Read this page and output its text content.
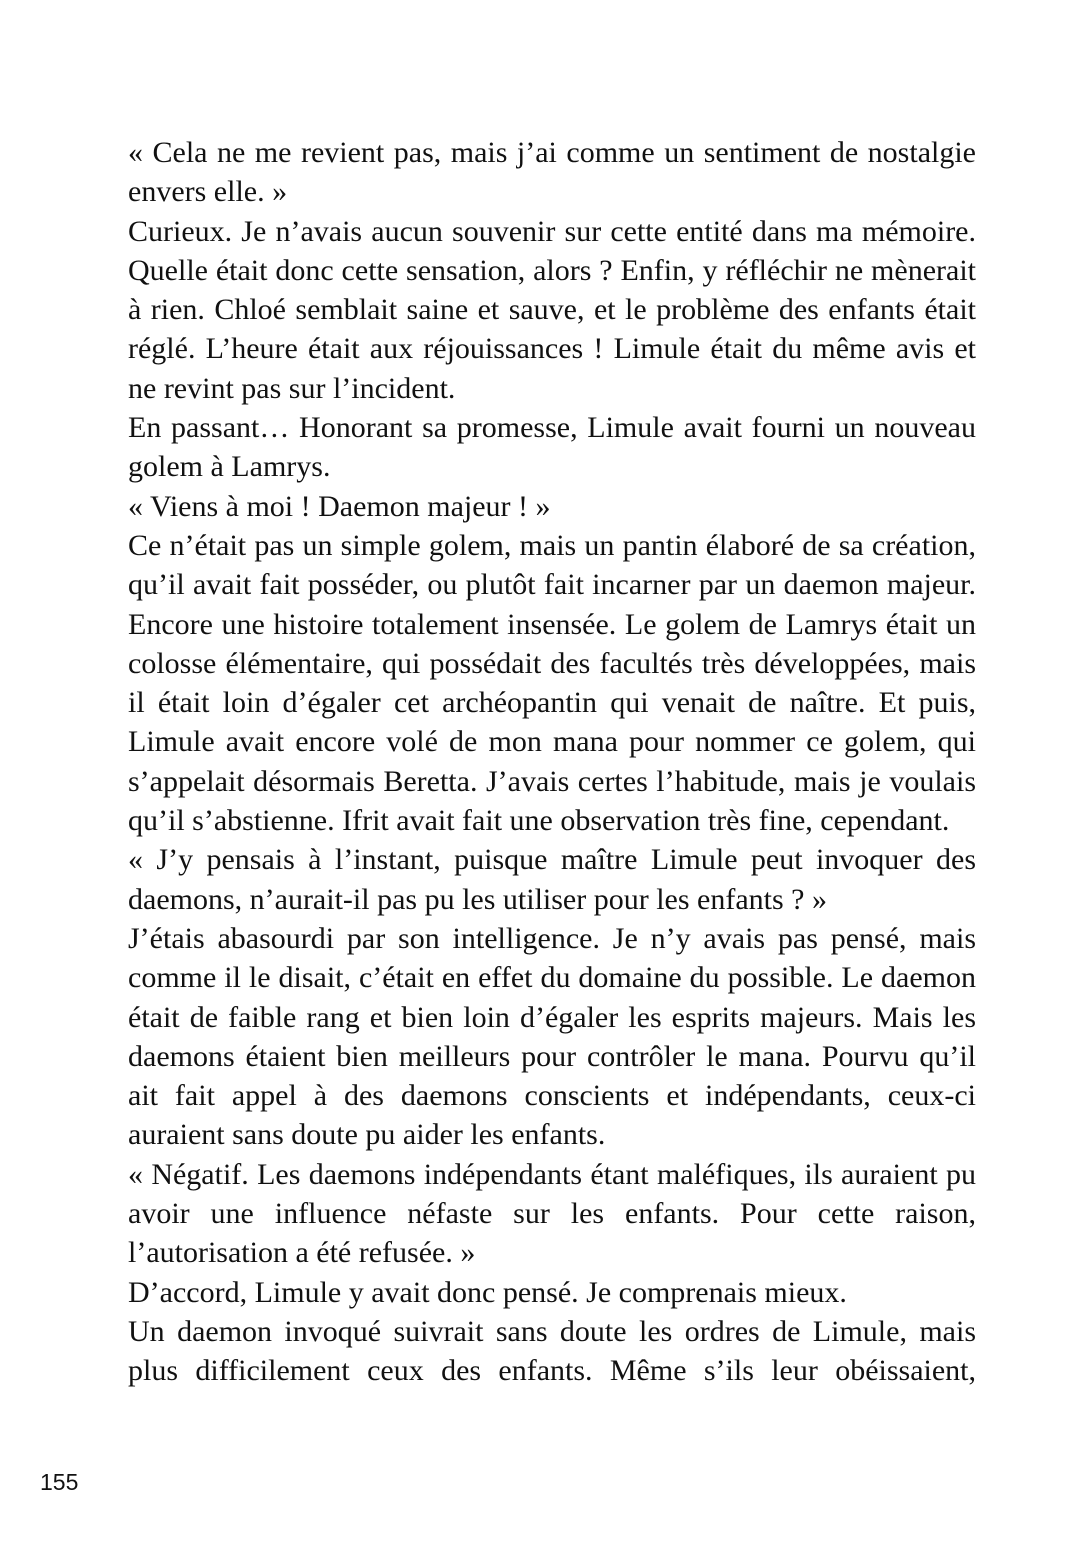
« Cela ne me revient pas, mais j’ai comme un sentiment de nostalgie envers elle. »

Curieux. Je n’avais aucun souvenir sur cette entité dans ma mémoire. Quelle était donc cette sensation, alors ? Enfin, y réfléchir ne mènerait à rien. Chloé semblait saine et sauve, et le problème des enfants était réglé. L’heure était aux réjouissances ! Limule était du même avis et ne revint pas sur l’incident.

En passant… Honorant sa promesse, Limule avait fourni un nouveau golem à Lamrys.

« Viens à moi ! Daemon majeur ! »

Ce n’était pas un simple golem, mais un pantin élaboré de sa création, qu’il avait fait posséder, ou plutôt fait incarner par un daemon majeur. Encore une histoire totalement insensée. Le golem de Lamrys était un colosse élémentaire, qui possédait des facultés très développées, mais il était loin d’égaler cet archéopantin qui venait de naître. Et puis, Limule avait encore volé de mon mana pour nommer ce golem, qui s’appelait désormais Beretta. J’avais certes l’habitude, mais je voulais qu’il s’abstienne. Ifrit avait fait une observation très fine, cependant.

« J’y pensais à l’instant, puisque maître Limule peut invoquer des daemons, n’aurait-il pas pu les utiliser pour les enfants ? »

J’étais abasourdi par son intelligence. Je n’y avais pas pensé, mais comme il le disait, c’était en effet du domaine du possible. Le daemon était de faible rang et bien loin d’égaler les esprits majeurs. Mais les daemons étaient bien meilleurs pour contrôler le mana. Pourvu qu’il ait fait appel à des daemons conscients et indépendants, ceux-ci auraient sans doute pu aider les enfants.

« Négatif. Les daemons indépendants étant maléfiques, ils auraient pu avoir une influence néfaste sur les enfants. Pour cette raison, l’autorisation a été refusée. »

D’accord, Limule y avait donc pensé. Je comprenais mieux.

Un daemon invoqué suivrait sans doute les ordres de Limule, mais plus difficilement ceux des enfants. Même s’ils leur obéissaient,

155
